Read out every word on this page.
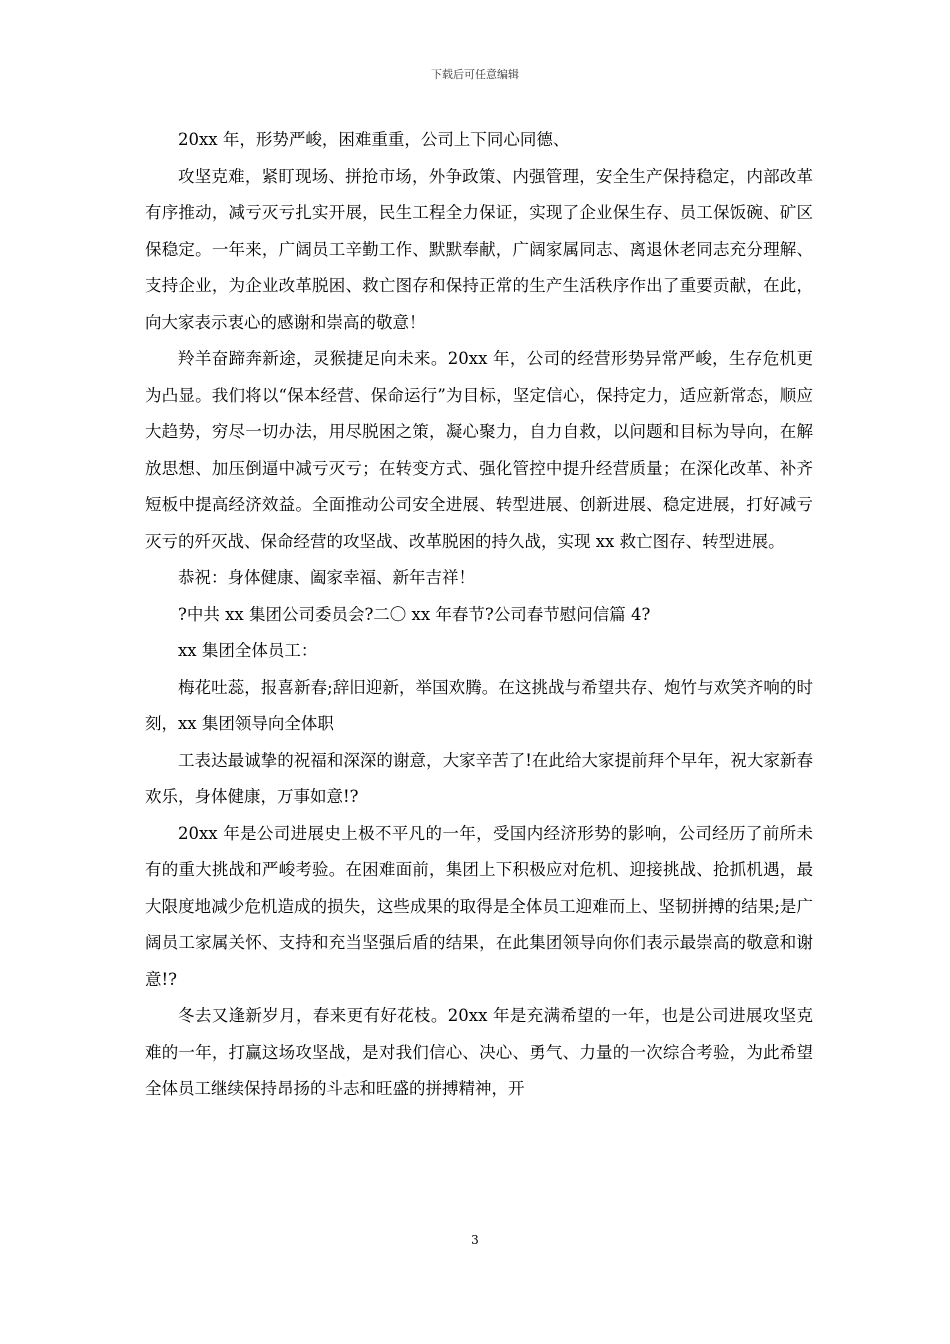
下载后可任意编辑

20xx 年，形势严峻，困难重重，公司上下同心同德、

攻坚克难，紧盯现场、拼抢市场，外争政策、内强管理，安全生产保持稳定，内部改革有序推动，减亏灭亏扎实开展，民生工程全力保证，实现了企业保生存、员工保饭碗、矿区保稳定。一年来，广阔员工辛勤工作、默默奉献，广阔家属同志、离退休老同志充分理解、支持企业，为企业改革脱困、救亡图存和保持正常的生产生活秩序作出了重要贡献，在此，向大家表示衷心的感谢和崇高的敬意！

羚羊奋蹄奔新途，灵猴捷足向未来。20xx 年，公司的经营形势异常严峻，生存危机更为凸显。我们将以“保本经营、保命运行”为目标，坚定信心，保持定力，适应新常态，顺应大趋势，穷尽一切办法，用尽脱困之策，凝心聚力，自力自救，以问题和目标为导向，在解放思想、加压倒逼中减亏灭亏；在转变方式、强化管控中提升经营质量；在深化改革、补齐短板中提高经济效益。全面推动公司安全进展、转型进展、创新进展、稳定进展，打好减亏灭亏的歼灭战、保命经营的攻坚战、改革脱困的持久战，实现 xx 救亡图存、转型进展。

恭祝：身体健康、阖家幸福、新年吉祥！

?中共 xx 集团公司委员会?二〇 xx 年春节?公司春节慰问信篇 4?

xx 集团全体员工：

梅花吐蕊，报喜新春;辞旧迎新，举国欢腾。在这挑战与希望共存、炮竹与欢笑齐响的时刻，xx 集团领导向全体职

工表达最诚挚的祝福和深深的谢意，大家辛苦了!在此给大家提前拜个早年，祝大家新春欢乐，身体健康，万事如意!?

20xx 年是公司进展史上极不平凡的一年，受国内经济形势的影响，公司经历了前所未有的重大挑战和严峻考验。在困难面前，集团上下积极应对危机、迎接挑战、抢抓机遇，最大限度地减少危机造成的损失，这些成果的取得是全体员工迎难而上、坚韧拼搏的结果;是广阔员工家属关怀、支持和充当坚强后盾的结果，在此集团领导向你们表示最崇高的敬意和谢意!?

冬去又逢新岁月，春来更有好花枝。20xx 年是充满希望的一年，也是公司进展攻坚克难的一年，打赢这场攻坚战，是对我们信心、决心、勇气、力量的一次综合考验，为此希望全体员工继续保持昂扬的斗志和旺盛的拼搏精神，开

3
